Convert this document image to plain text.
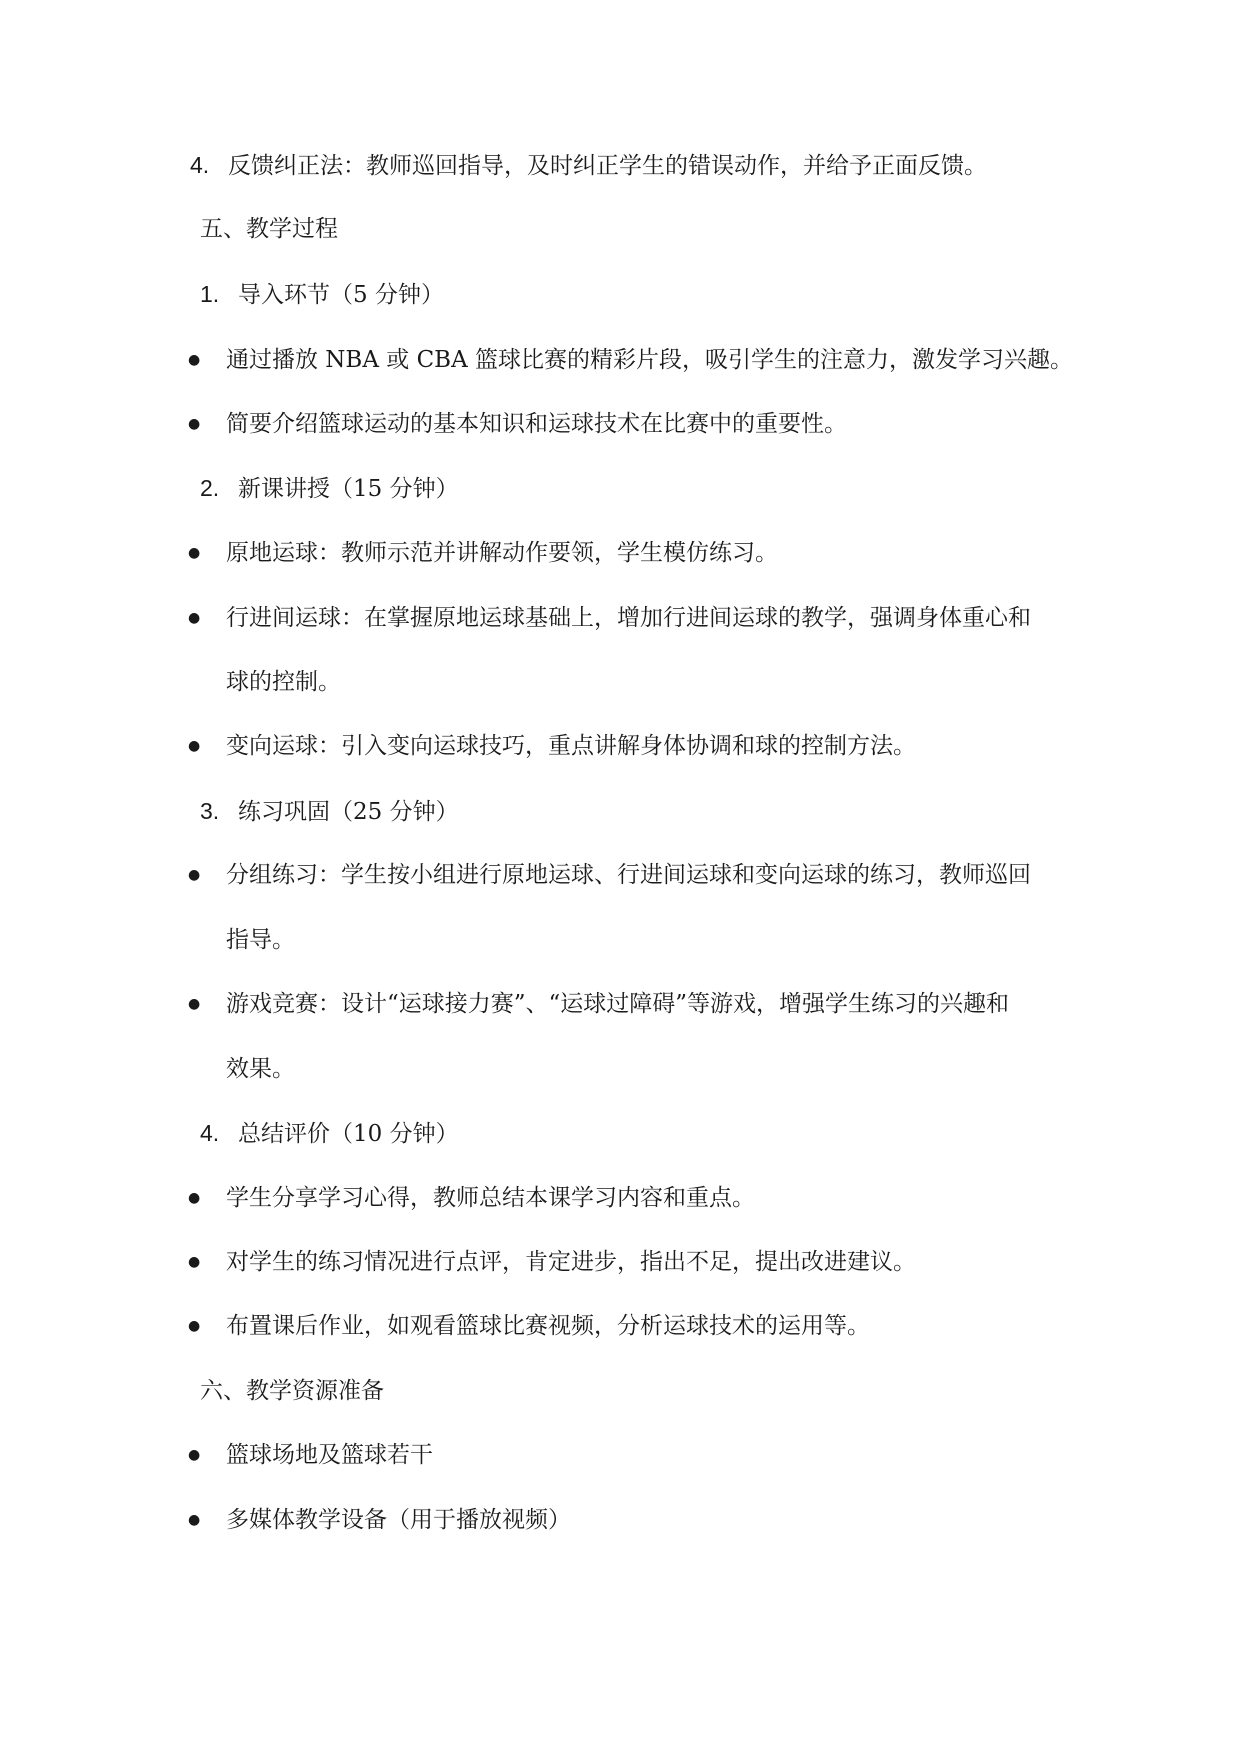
4. 反馈纠正法：教师巡回指导，及时纠正学生的错误动作，并给予正面反馈。
五、教学过程
1. 导入环节（5 分钟）
● 通过播放 NBA 或 CBA 篮球比赛的精彩片段，吸引学生的注意力，激发学习兴趣。
● 简要介绍篮球运动的基本知识和运球技术在比赛中的重要性。
2. 新课讲授（15 分钟）
● 原地运球：教师示范并讲解动作要领，学生模仿练习。
● 行进间运球：在掌握原地运球基础上，增加行进间运球的教学，强调身体重心和
球的控制。
● 变向运球：引入变向运球技巧，重点讲解身体协调和球的控制方法。
3. 练习巩固（25 分钟）
● 分组练习：学生按小组进行原地运球、行进间运球和变向运球的练习，教师巡回
指导。
● 游戏竞赛：设计“运球接力赛”、“运球过障碍”等游戏，增强学生练习的兴趣和
效果。
4. 总结评价（10 分钟）
● 学生分享学习心得，教师总结本课学习内容和重点。
● 对学生的练习情况进行点评，肯定进步，指出不足，提出改进建议。
● 布置课后作业，如观看篮球比赛视频，分析运球技术的运用等。
六、教学资源准备
● 篮球场地及篮球若干
● 多媒体教学设备（用于播放视频）
